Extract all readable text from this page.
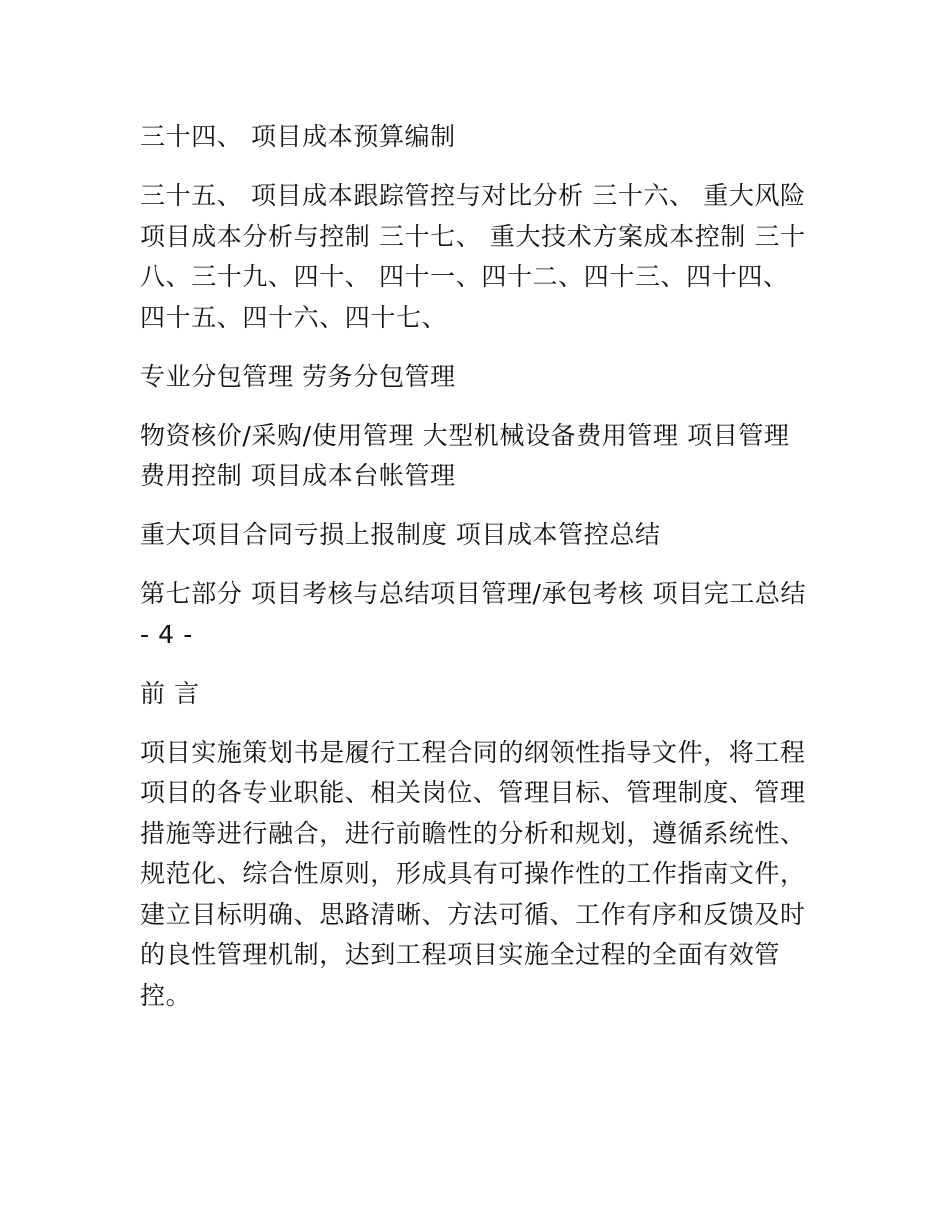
三十四、 项目成本预算编制

三十五、 项目成本跟踪管控与对比分析 三十六、 重大风险项目成本分析与控制 三十七、 重大技术方案成本控制 三十八、三十九、四十、 四十一、四十二、四十三、四十四、四十五、四十六、四十七、

专业分包管理 劳务分包管理

物资核价/采购/使用管理 大型机械设备费用管理 项目管理费用控制 项目成本台帐管理

重大项目合同亏损上报制度 项目成本管控总结

第七部分 项目考核与总结项目管理/承包考核 项目完工总结 - 4 -

前 言

项目实施策划书是履行工程合同的纲领性指导文件，将工程项目的各专业职能、相关岗位、管理目标、管理制度、管理措施等进行融合，进行前瞻性的分析和规划，遵循系统性、规范化、综合性原则，形成具有可操作性的工作指南文件，建立目标明确、思路清晰、方法可循、工作有序和反馈及时的良性管理机制，达到工程项目实施全过程的全面有效管控。
